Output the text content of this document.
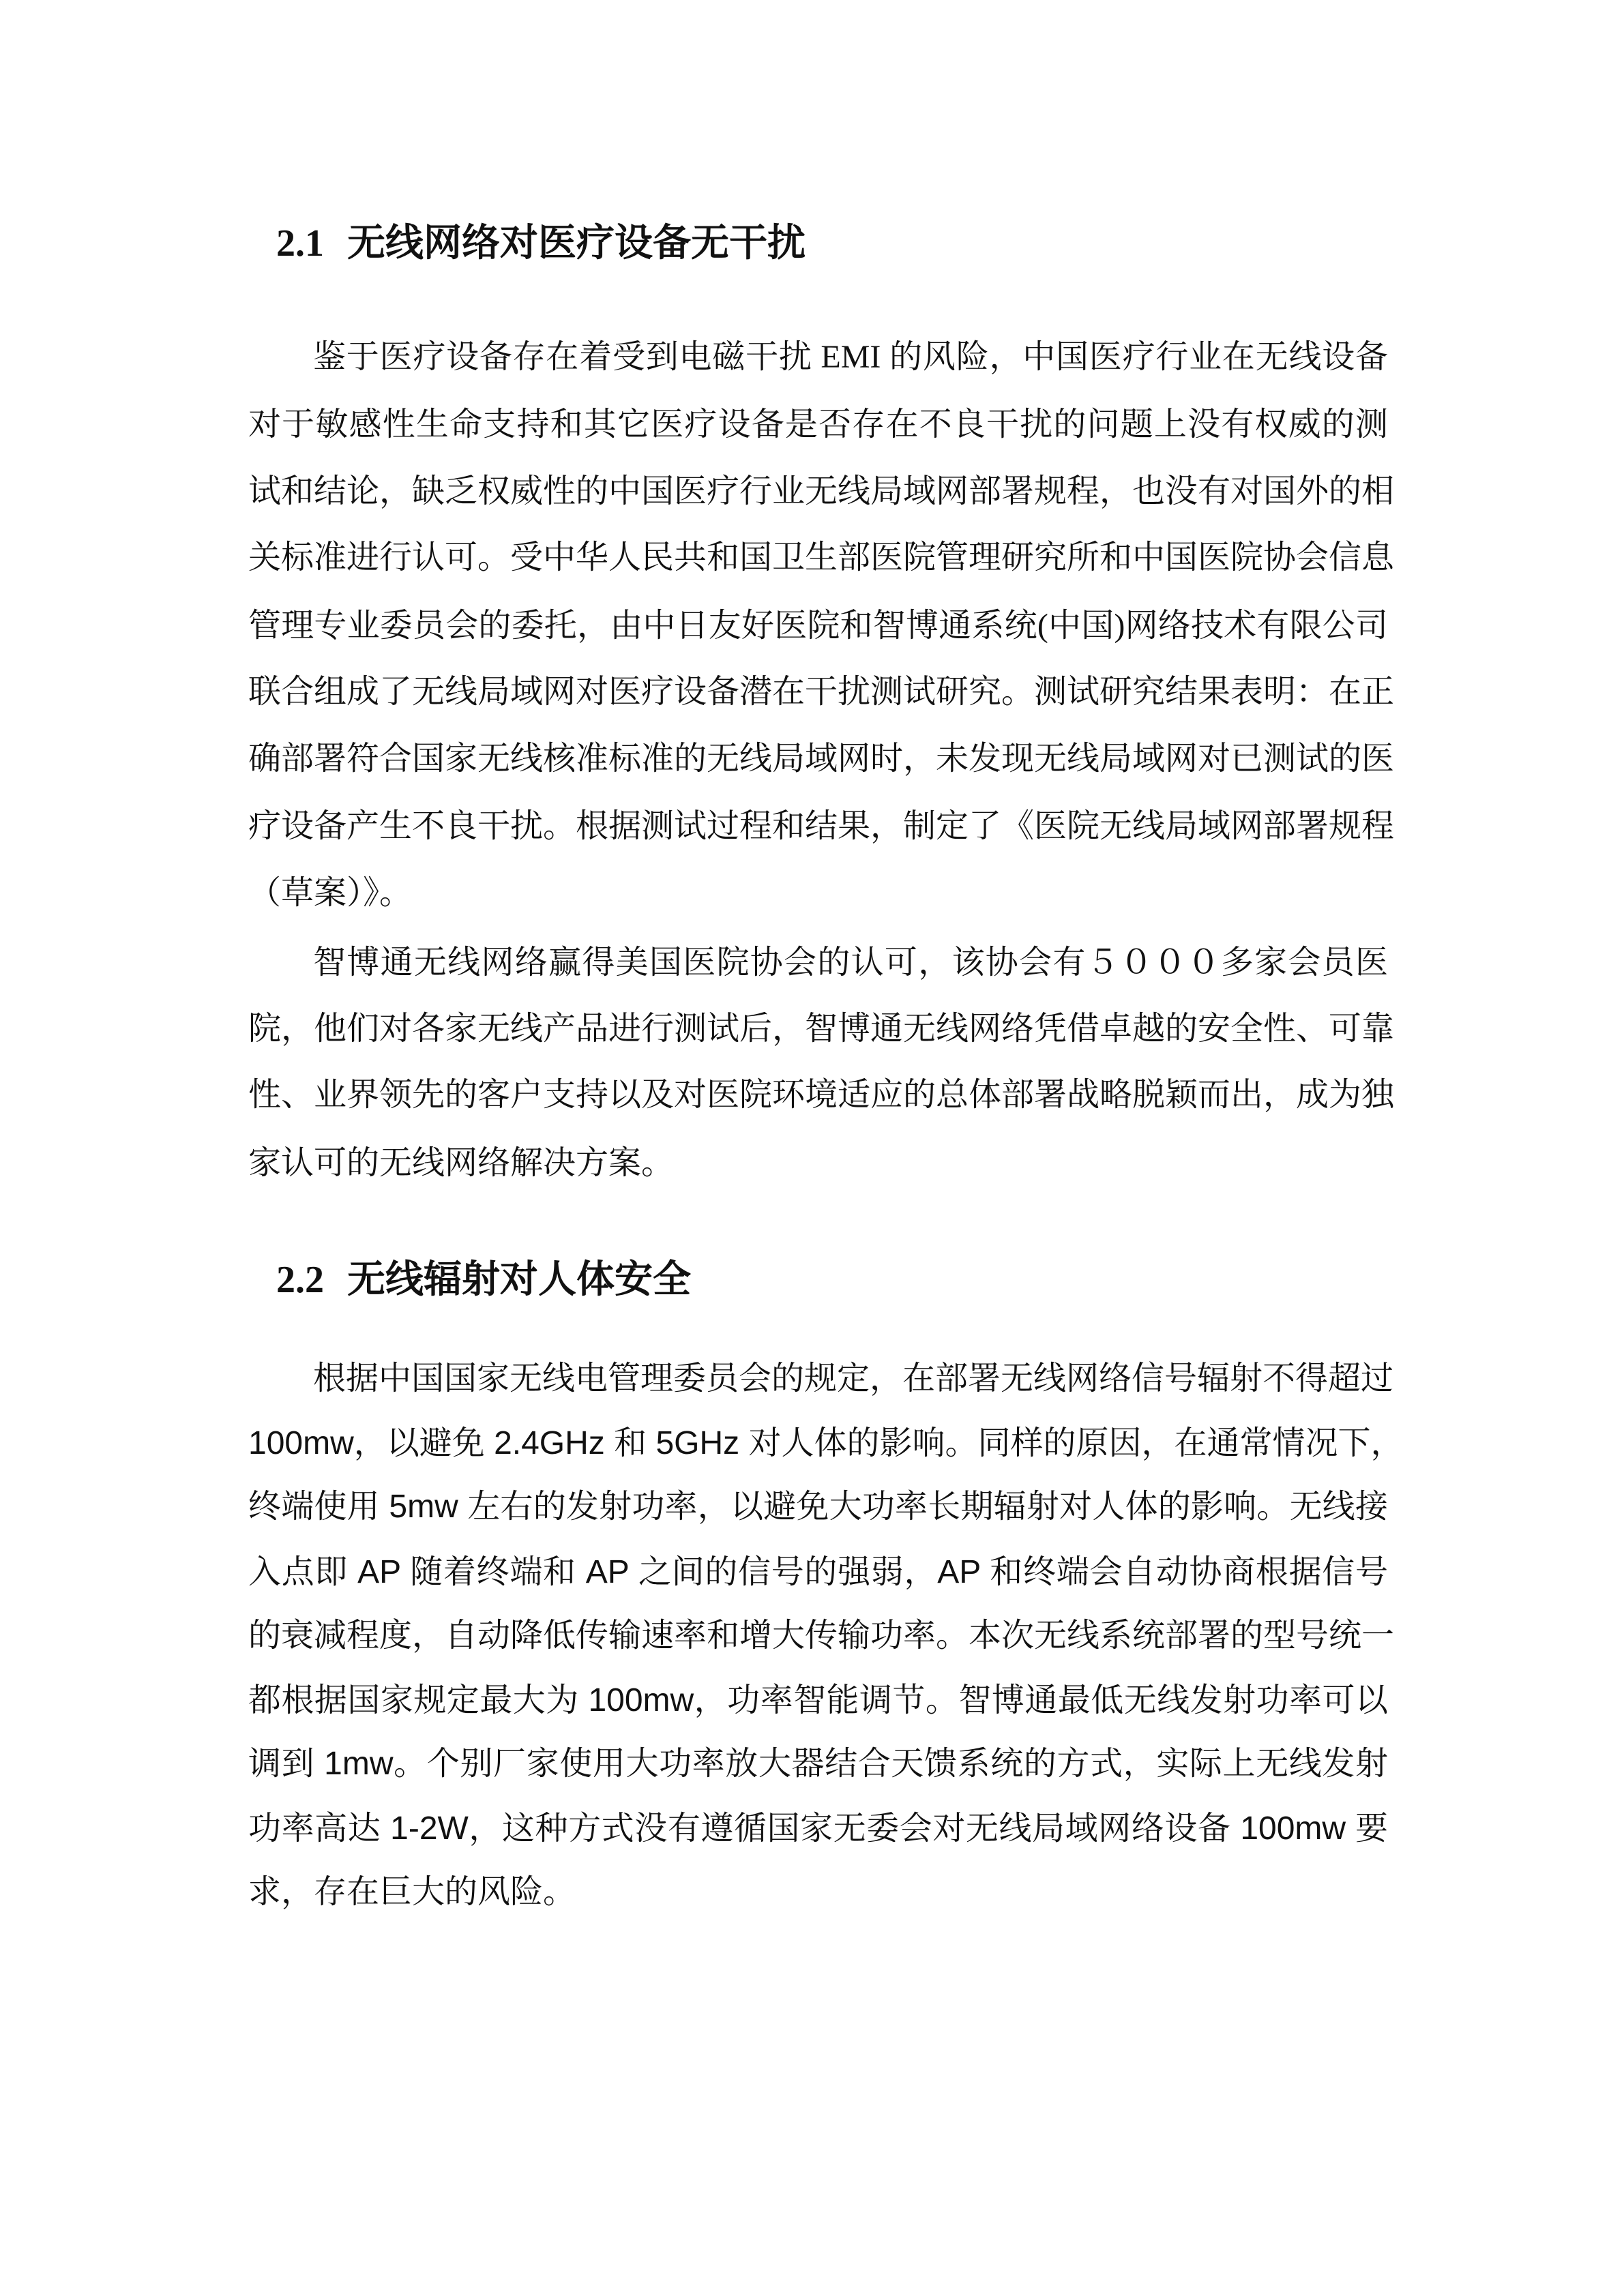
2.1 无线网络对医疗设备无干扰
鉴于医疗设备存在着受到电磁干扰 EMI 的风险，中国医疗行业在无线设备
对于敏感性生命支持和其它医疗设备是否存在不良干扰的问题上没有权威的测
试和结论，缺乏权威性的中国医疗行业无线局域网部署规程，也没有对国外的相
关标准进行认可。受中华人民共和国卫生部医院管理研究所和中国医院协会信息
管理专业委员会的委托，由中日友好医院和智博通系统(中国)网络技术有限公司
联合组成了无线局域网对医疗设备潜在干扰测试研究。测试研究结果表明：在正
确部署符合国家无线核准标准的无线局域网时，未发现无线局域网对已测试的医
疗设备产生不良干扰。根据测试过程和结果，制定了《医院无线局域网部署规程
（草案）》。
智博通无线网络赢得美国医院协会的认可，该协会有５０００多家会员医
院，他们对各家无线产品进行测试后，智博通无线网络凭借卓越的安全性、可靠
性、业界领先的客户支持以及对医院环境适应的总体部署战略脱颖而出，成为独
家认可的无线网络解决方案。
2.2 无线辐射对人体安全
根据中国国家无线电管理委员会的规定，在部署无线网络信号辐射不得超过
100mw，以避免 2.4GHz 和 5GHz 对人体的影响。同样的原因，在通常情况下，
终端使用 5mw 左右的发射功率，以避免大功率长期辐射对人体的影响。无线接
入点即 AP 随着终端和 AP 之间的信号的强弱，AP 和终端会自动协商根据信号
的衰减程度，自动降低传输速率和增大传输功率。本次无线系统部署的型号统一
都根据国家规定最大为 100mw，功率智能调节。智博通最低无线发射功率可以
调到 1mw。个别厂家使用大功率放大器结合天馈系统的方式，实际上无线发射
功率高达 1-2W，这种方式没有遵循国家无委会对无线局域网络设备 100mw 要
求，存在巨大的风险。
